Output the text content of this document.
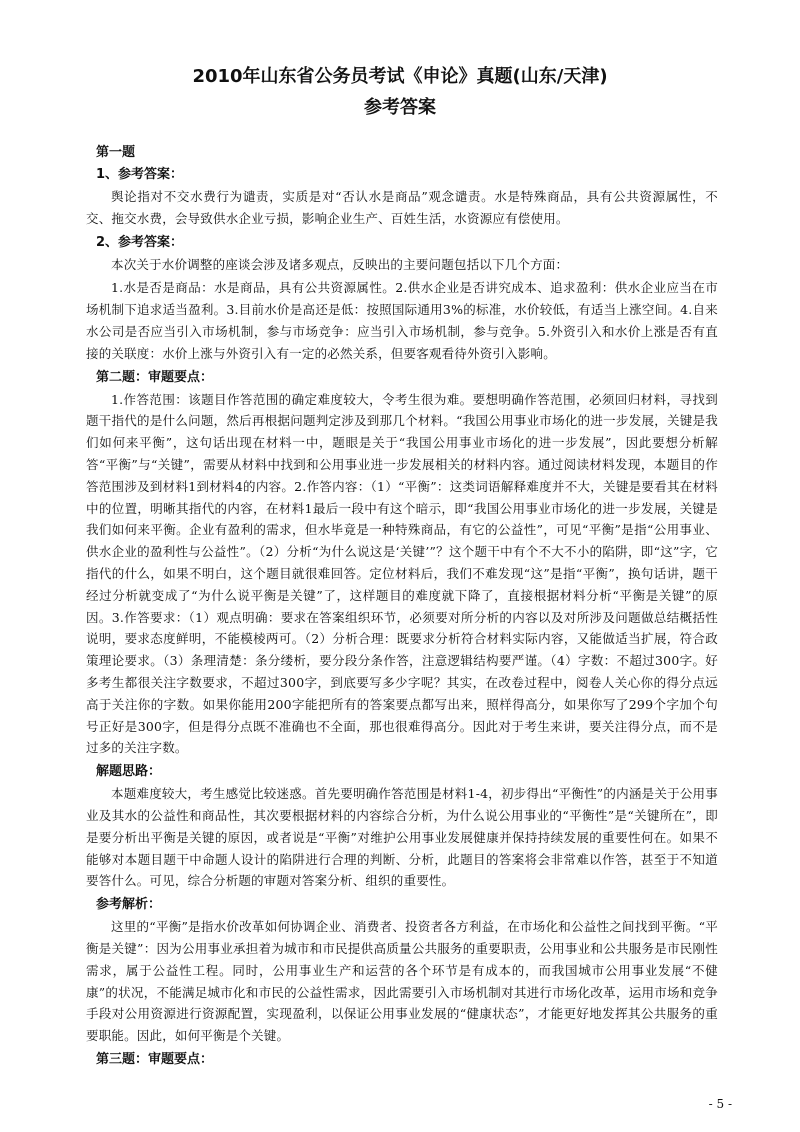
2010年山东省公务员考试《申论》真题(山东/天津)
参考答案

第一题

1、参考答案：

舆论指对不交水费行为谴责，实质是对“否认水是商品”观念谴责。水是特殊商品，具有公共资源属性，不交、拖交水费，会导致供水企业亏损，影响企业生产、百姓生活，水资源应有偿使用。

2、参考答案：

本次关于水价调整的座谈会涉及诸多观点，反映出的主要问题包括以下几个方面：

1.水是否是商品：水是商品，具有公共资源属性。2.供水企业是否讲究成本、追求盈利：供水企业应当在市场机制下追求适当盈利。3.目前水价是高还是低：按照国际通用3%的标准，水价较低，有适当上涨空间。4.自来水公司是否应当引入市场机制，参与市场竞争：应当引入市场机制，参与竞争。5.外资引入和水价上涨是否有直接的关联度：水价上涨与外资引入有一定的必然关系，但要客观看待外资引入影响。

第二题：审题要点：

1.作答范围：该题目作答范围的确定难度较大，令考生很为难。要想明确作答范围，必须回归材料，寻找到题干指代的是什么问题，然后再根据问题判定涉及到那几个材料。“我国公用事业市场化的进一步发展，关键是我们如何来平衡”，这句话出现在材料一中，题眼是关于“我国公用事业市场化的进一步发展”，因此要想分析解答“平衡”与“关键”，需要从材料中找到和公用事业进一步发展相关的材料内容。通过阅读材料发现，本题目的作答范围涉及到材料1到材料4的内容。2.作答内容：（1）“平衡”：这类词语解释难度并不大，关键是要看其在材料中的位置，明晰其指代的内容，在材料1最后一段中有这个暗示，即“我国公用事业市场化的进一步发展，关键是我们如何来平衡。企业有盈利的需求，但水毕竟是一种特殊商品，有它的公益性”，可见“平衡”是指“公用事业、供水企业的盈利性与公益性”。（2）分析“为什么说这是‘关键’”？这个题干中有个不大不小的陷阱，即“这”字，它指代的什么，如果不明白，这个题目就很难回答。定位材料后，我们不难发现“这”是指“平衡”，换句话讲，题干经过分析就变成了“为什么说平衡是关键”了，这样题目的难度就下降了，直接根据材料分析“平衡是关键”的原因。3.作答要求：（1）观点明确：要求在答案组织环节，必须要对所分析的内容以及对所涉及问题做总结概括性说明，要求态度鲜明，不能模棱两可。（2）分析合理：既要求分析符合材料实际内容，又能做适当扩展，符合政策理论要求。（3）条理清楚：条分缕析，要分段分条作答，注意逻辑结构要严谨。（4）字数：不超过300字。好多考生都很关注字数要求，不超过300字，到底要写多少字呢？其实，在改卷过程中，阅卷人关心你的得分点远高于关注你的字数。如果你能用200字能把所有的答案要点都写出来，照样得高分，如果你写了299个字加个句号正好是300字，但是得分点既不准确也不全面，那也很难得高分。因此对于考生来讲，要关注得分点，而不是过多的关注字数。

解题思路：

本题难度较大，考生感觉比较迷惑。首先要明确作答范围是材料1-4，初步得出“平衡性”的内涵是关于公用事业及其水的公益性和商品性，其次要根据材料的内容综合分析，为什么说公用事业的“平衡性”是“关键所在”，即是要分析出平衡是关键的原因，或者说是“平衡”对维护公用事业发展健康并保持持续发展的重要性何在。如果不能够对本题目题干中命题人设计的陷阱进行合理的判断、分析，此题目的答案将会非常难以作答，甚至于不知道要答什么。可见，综合分析题的审题对答案分析、组织的重要性。

参考解析：

这里的“平衡”是指水价改革如何协调企业、消费者、投资者各方利益，在市场化和公益性之间找到平衡。“平衡是关键”：因为公用事业承担着为城市和市民提供高质量公共服务的重要职责，公用事业和公共服务是市民刚性需求，属于公益性工程。同时，公用事业生产和运营的各个环节是有成本的，而我国城市公用事业发展“不健康”的状况，不能满足城市化和市民的公益性需求，因此需要引入市场机制对其进行市场化改革，运用市场和竞争手段对公用资源进行资源配置，实现盈利，以保证公用事业发展的“健康状态”，才能更好地发挥其公共服务的重要职能。因此，如何平衡是个关键。

第三题：审题要点：

- 5 -
